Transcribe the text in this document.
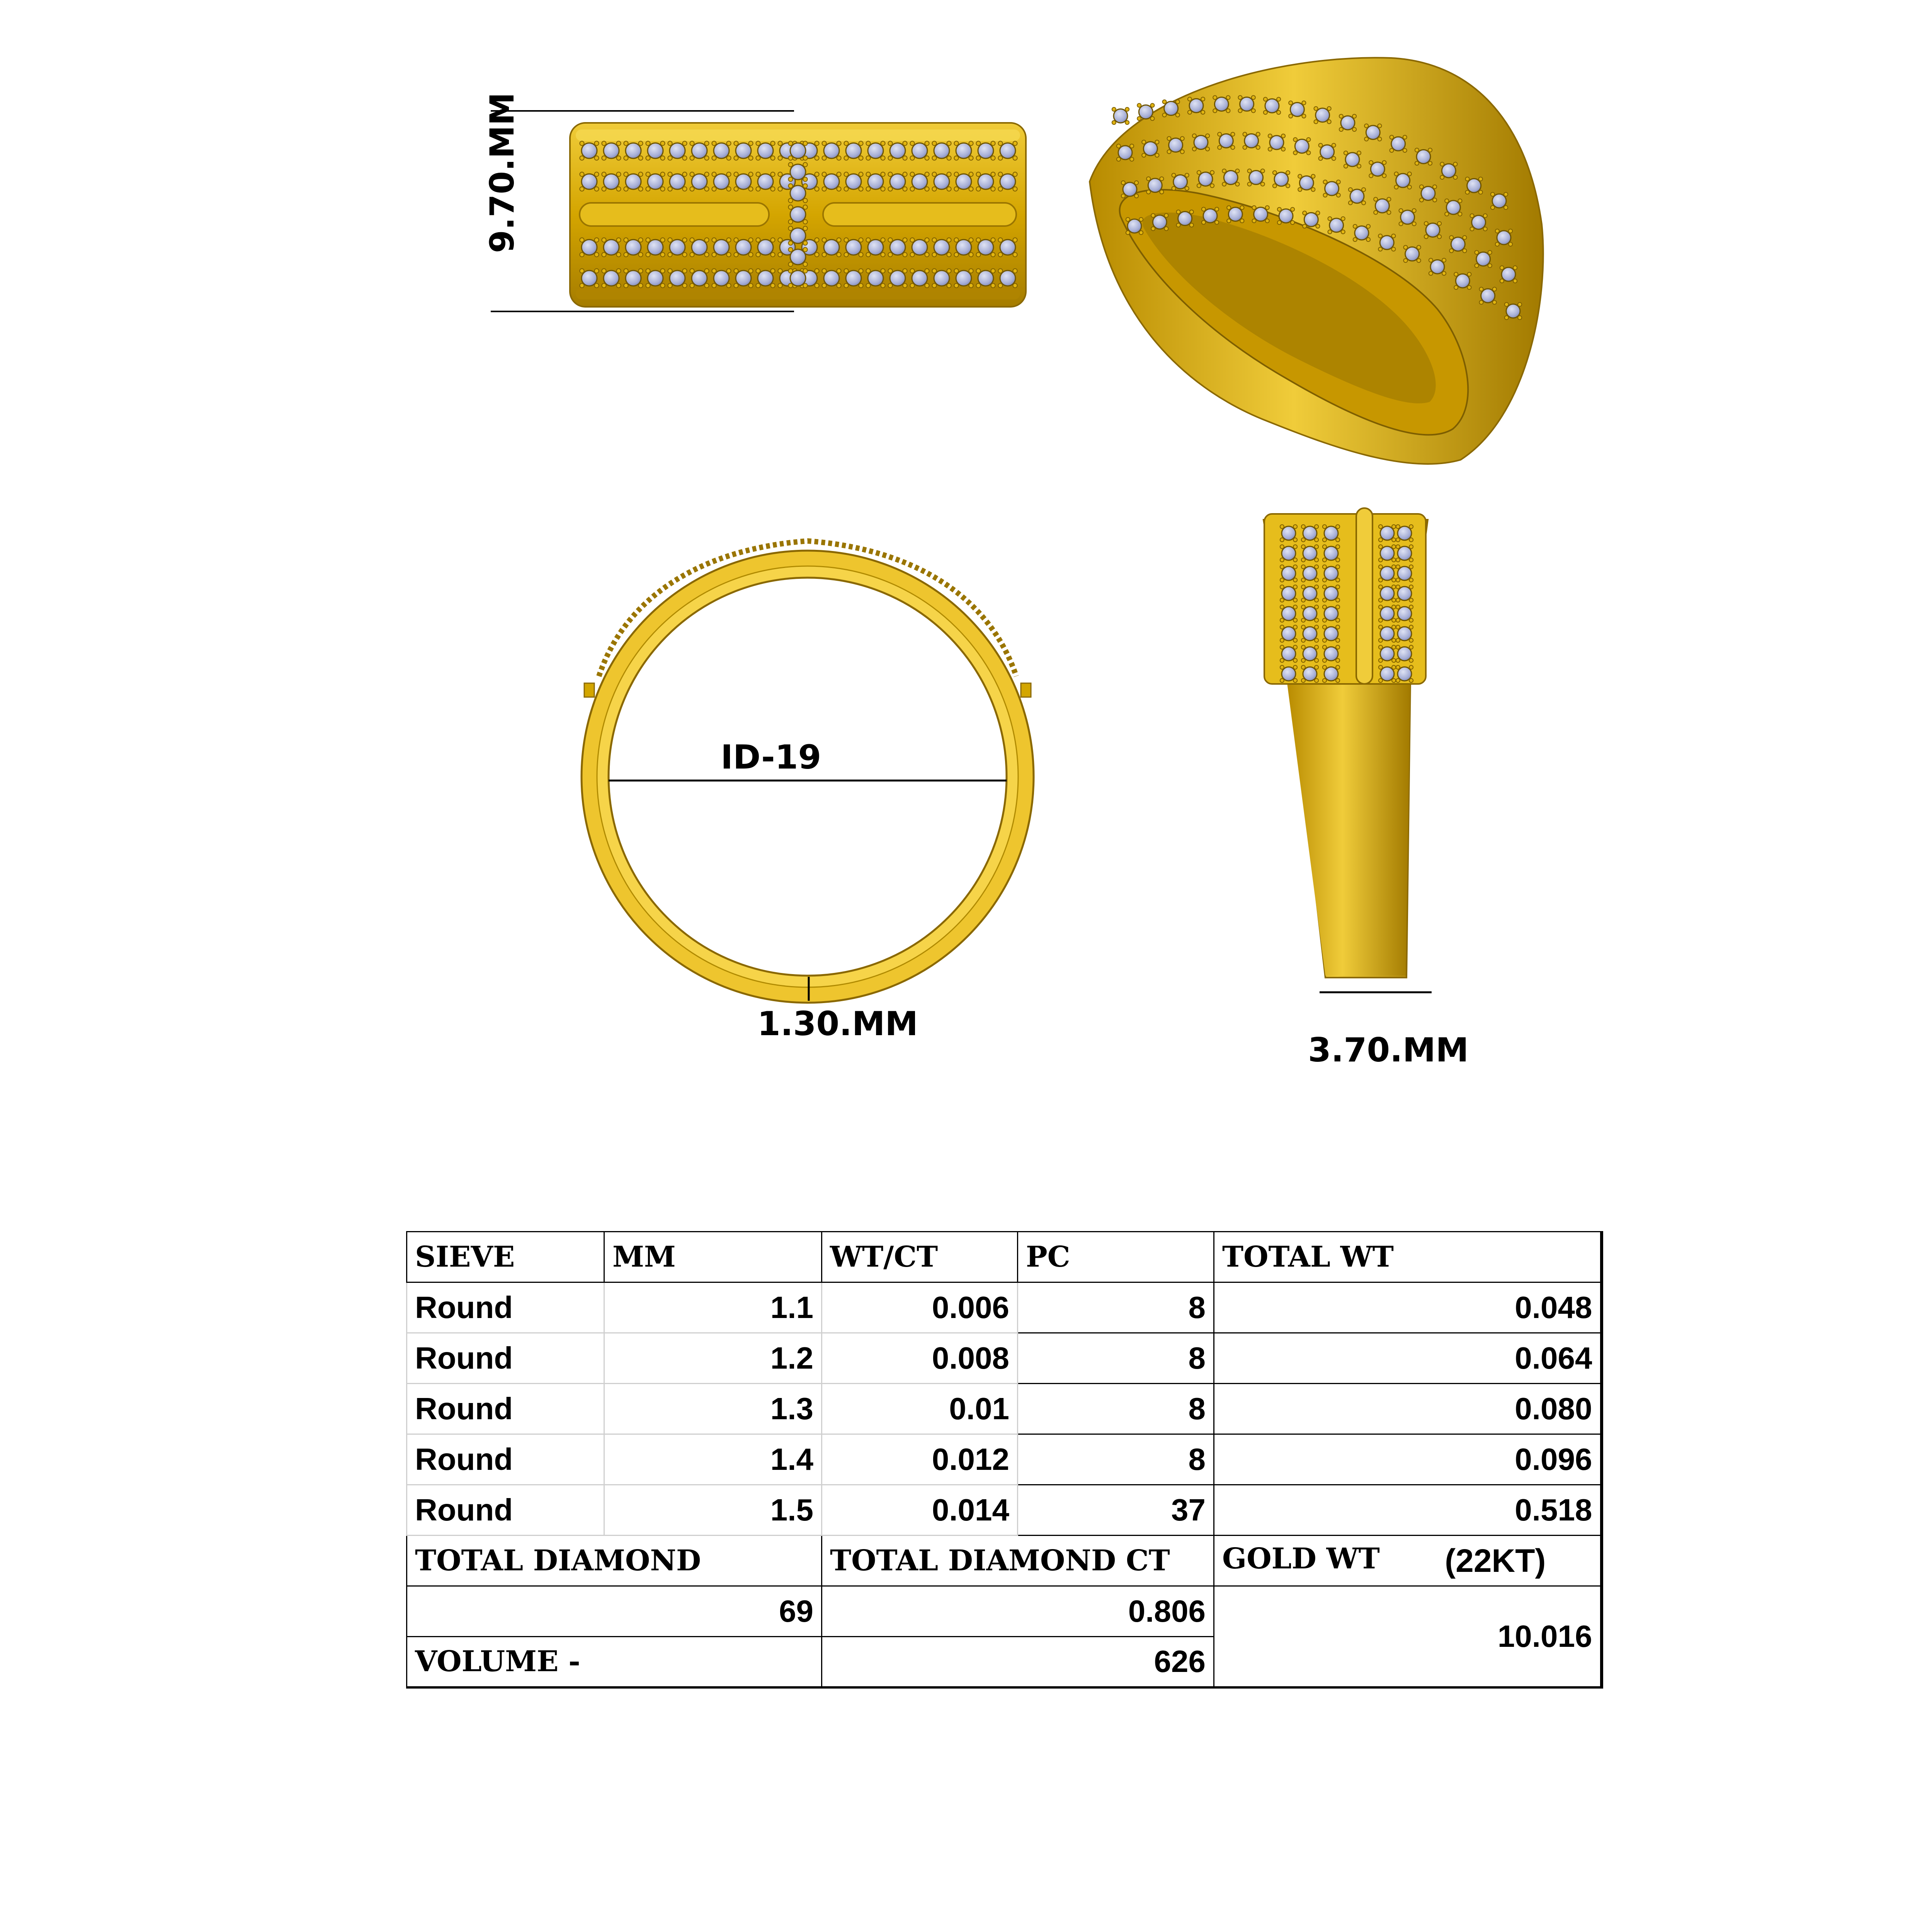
9.70.MM
ID-19
1.30.MM
3.70.MM
SIEVE	MM	WT/CT	PC	TOTAL WT
Round	1.1	0.006	8	0.048
Round	1.2	0.008	8	0.064
Round	1.3	0.01	8	0.080
Round	1.4	0.012	8	0.096
Round	1.5	0.014	37	0.518
TOTAL DIAMOND		TOTAL DIAMOND CT		GOLD WT (22KT)

69		0.806		10.016
VOLUME -		626		
